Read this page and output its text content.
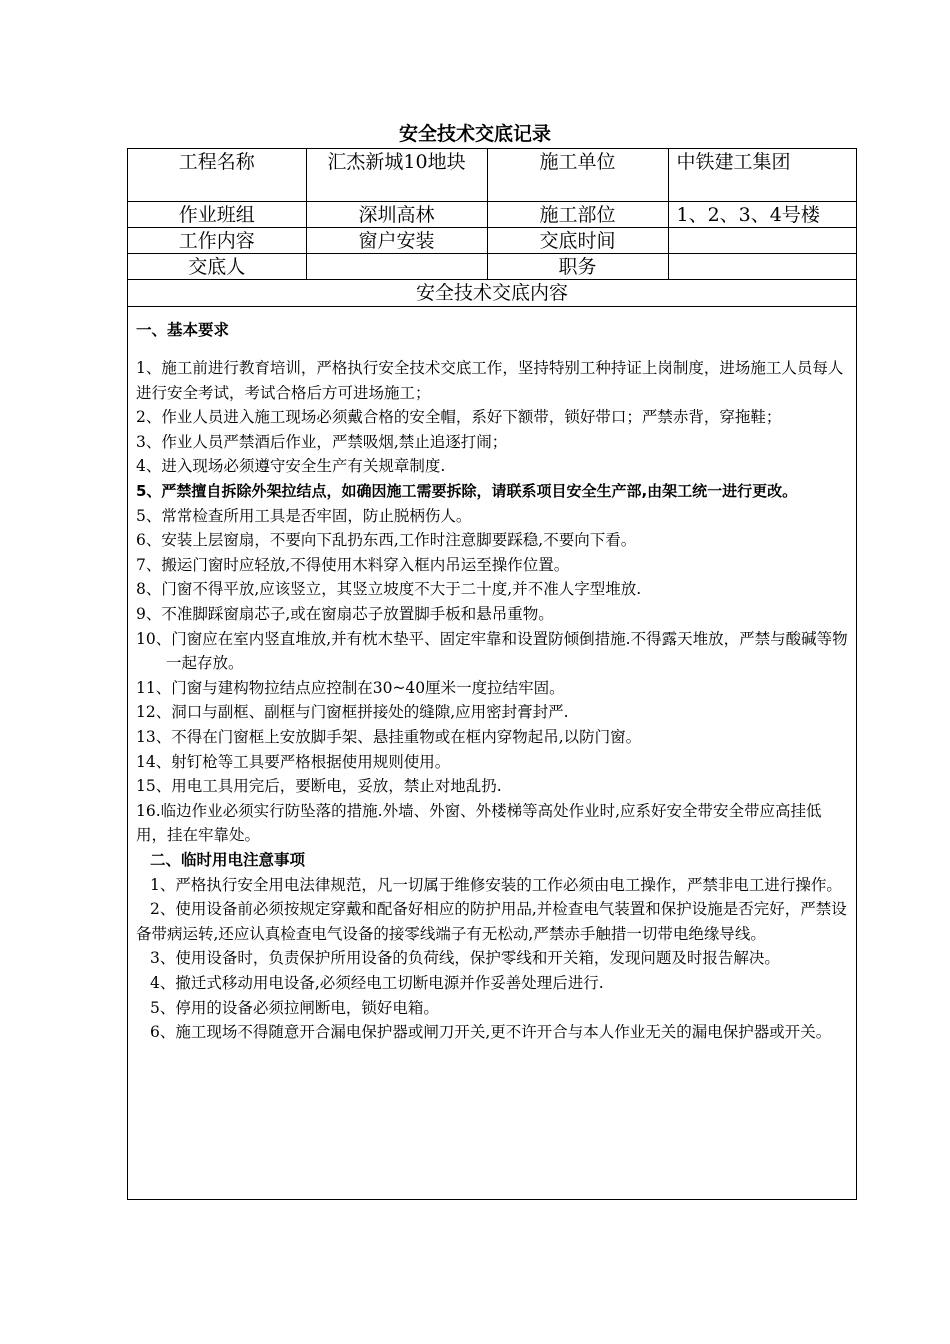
安全技术交底记录
工程名称	汇杰新城10地块	施工单位	中铁建工集团
作业班组	深圳高林	施工部位	1、2、3、4号楼
工作内容	窗户安装	交底时间	
交底人		职务	
安全技术交底内容			

一、基本要求

1、施工前进行教育培训，严格执行安全技术交底工作，坚持特别工种持证上岗制度，进场施工人员每人进行安全考试，考试合格后方可进场施工；

2、作业人员进入施工现场必须戴合格的安全帽，系好下额带，锁好带口；严禁赤背，穿拖鞋；

3、作业人员严禁酒后作业，严禁吸烟,禁止追逐打闹；

4、进入现场必须遵守安全生产有关规章制度.

5、严禁擅自拆除外架拉结点，如确因施工需要拆除，请联系项目安全生产部,由架工统一进行更改。

5、常常检查所用工具是否牢固，防止脱柄伤人。

6、安装上层窗扇，不要向下乱扔东西,工作时注意脚要踩稳,不要向下看。

7、搬运门窗时应轻放,不得使用木料穿入框内吊运至操作位置。

8、门窗不得平放,应该竖立，其竖立坡度不大于二十度,并不准人字型堆放.

9、不准脚踩窗扇芯子,或在窗扇芯子放置脚手板和悬吊重物。

10、门窗应在室内竖直堆放,并有枕木垫平、固定牢靠和设置防倾倒措施.不得露天堆放，严禁与酸碱等物一起存放。

11、门窗与建构物拉结点应控制在30~40厘米一度拉结牢固。

12、洞口与副框、副框与门窗框拼接处的缝隙,应用密封膏封严.

13、不得在门窗框上安放脚手架、悬挂重物或在框内穿物起吊,以防门窗。

14、射钉枪等工具要严格根据使用规则使用。

15、用电工具用完后，要断电，妥放，禁止对地乱扔.

16.临边作业必须实行防坠落的措施.外墙、外窗、外楼梯等高处作业时,应系好安全带安全带应高挂低用，挂在牢靠处。

二、临时用电注意事项

1、严格执行安全用电法律规范，凡一切属于维修安装的工作必须由电工操作，严禁非电工进行操作。

2、使用设备前必须按规定穿戴和配备好相应的防护用品,并检查电气装置和保护设施是否完好，严禁设备带病运转,还应认真检查电气设备的接零线端子有无松动,严禁赤手触措一切带电绝缘导线。

3、使用设备时，负责保护所用设备的负荷线，保护零线和开关箱，发现问题及时报告解决。

4、撤迁式移动用电设备,必须经电工切断电源并作妥善处理后进行.

5、停用的设备必须拉闸断电，锁好电箱。

6、施工现场不得随意开合漏电保护器或闸刀开关,更不许开合与本人作业无关的漏电保护器或开关。
